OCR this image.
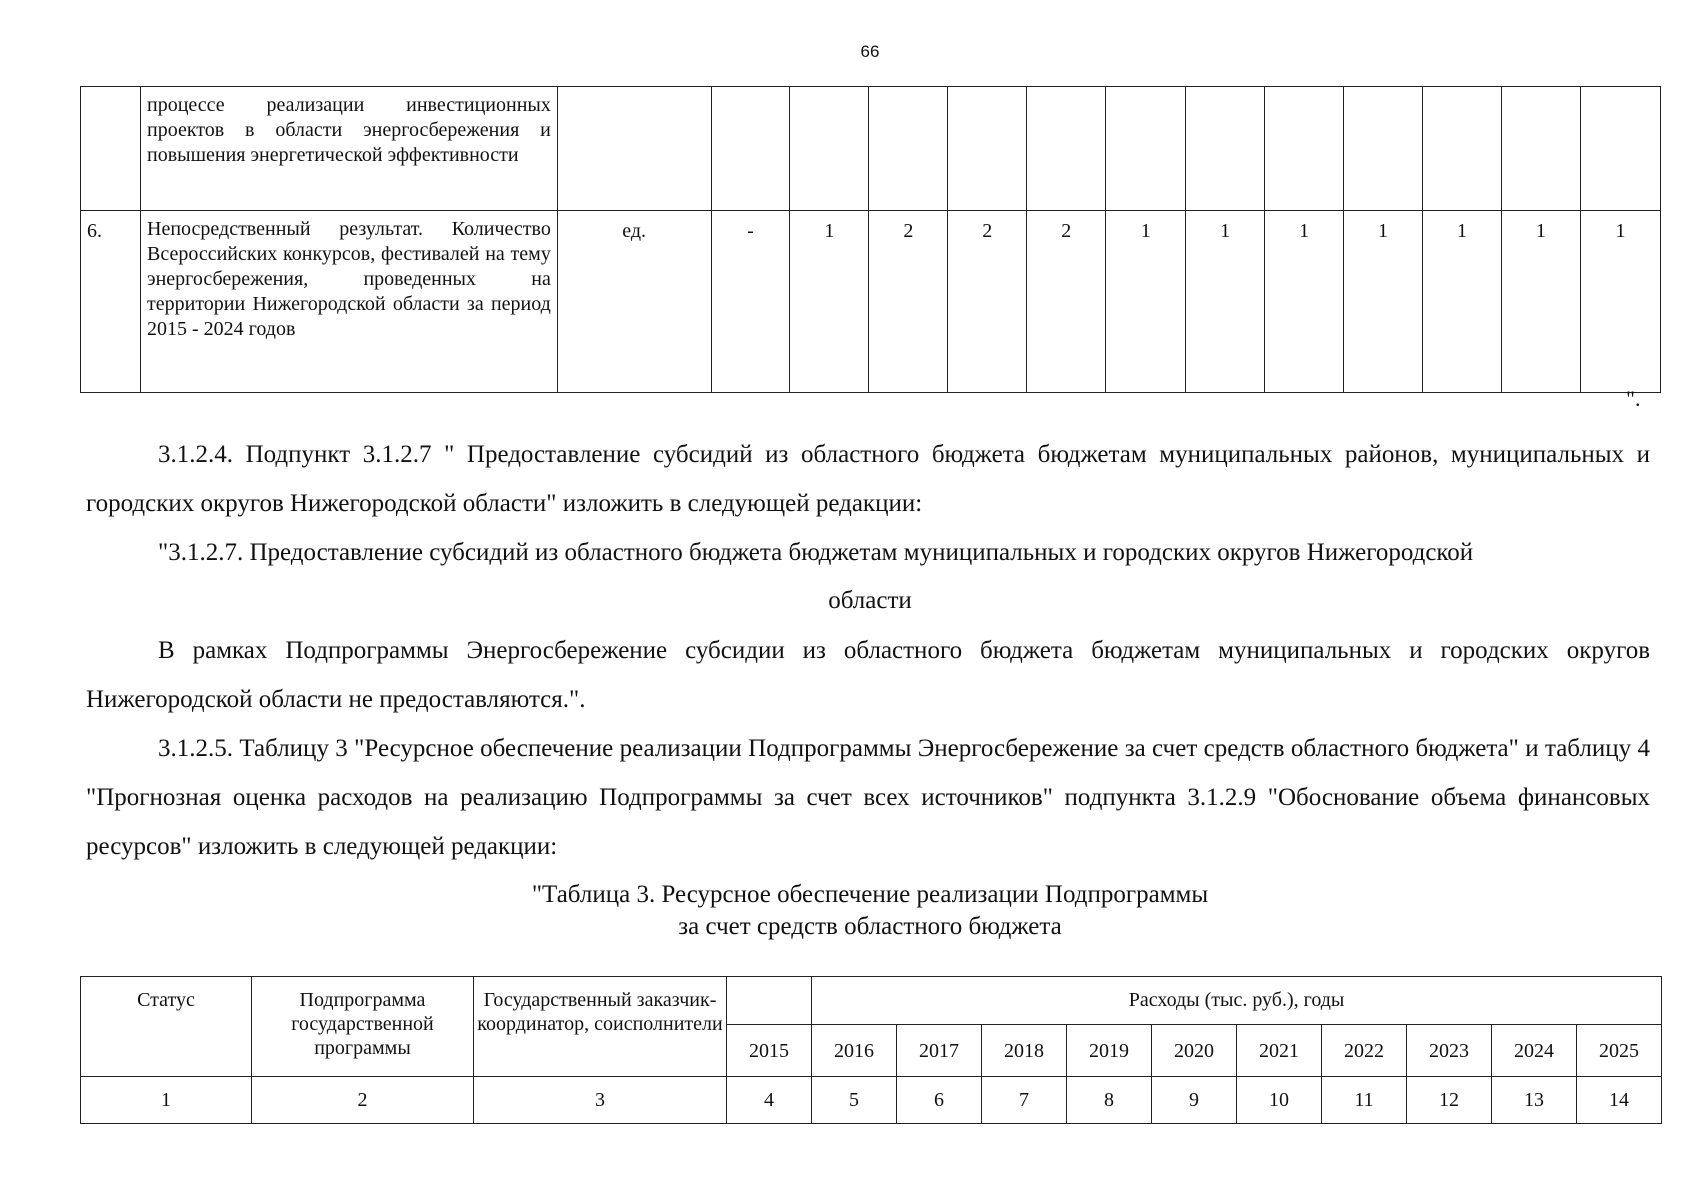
66
	процессе реализации инвестиционных проектов в области энергосбережения и повышения энергетической эффективности													
6.	Непосредственный результат. Количество Всероссийских конкурсов, фестивалей на тему энергосбережения, проведенных на территории Нижегородской области за период 2015 - 2024 годов	ед.	-	1	2	2	2	1	1	1	1	1	1	1
".

3.1.2.4. Подпункт 3.1.2.7 " Предоставление субсидий из областного бюджета бюджетам муниципальных районов, муниципальных и городских округов Нижегородской области" изложить в следующей редакции:

"3.1.2.7. Предоставление субсидий из областного бюджета бюджетам муниципальных и городских округов Нижегородской

области

В рамках Подпрограммы Энергосбережение субсидии из областного бюджета бюджетам муниципальных и городских округов Нижегородской области не предоставляются.".

3.1.2.5. Таблицу 3 "Ресурсное обеспечение реализации Подпрограммы Энергосбережение за счет средств областного бюджета" и таблицу 4 "Прогнозная оценка расходов на реализацию Подпрограммы за счет всех источников" подпункта 3.1.2.9 "Обоснование объема финансовых ресурсов" изложить в следующей редакции:

"Таблица 3. Ресурсное обеспечение реализации Подпрограммы
за счет средств областного бюджета
Статус	Подпрограмма государственной программы	Государственный заказчик-координатор, соисполнители		Расходы (тыс. руб.), годы									
			2015	2016	2017	2018	2019	2020	2021	2022	2023	2024	2025
1	2	3	4	5	6	7	8	9	10	11	12	13	14
